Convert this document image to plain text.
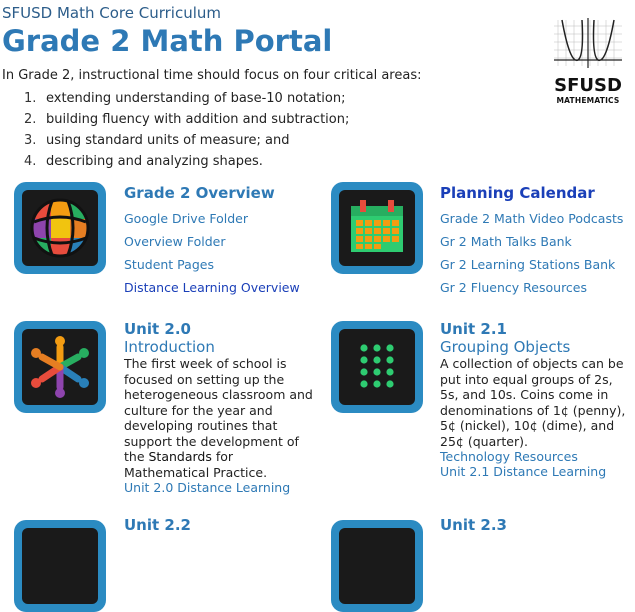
SFUSD Math Core Curriculum
Grade 2 Math Portal
In Grade 2, instructional time should focus on four critical areas:
1. extending understanding of base-10 notation;
2. building fluency with addition and subtraction;
3. using standard units of measure; and
4. describing and analyzing shapes.
SFUSD
MATHEMATICS
Grade 2 Overview
Google Drive Folder
Overview Folder
Student Pages
Distance Learning Overview
Planning Calendar
Grade 2 Math Video Podcasts
Gr 2 Math Talks Bank
Gr 2 Learning Stations Bank
Gr 2 Fluency Resources
Unit 2.0
Introduction
The first week of school is focused on setting up the heterogeneous classroom and culture for the year and developing routines that support the development of the Standards for Mathematical Practice.
Unit 2.0 Distance Learning
Unit 2.1
Grouping Objects
A collection of objects can be put into equal groups of 2s, 5s, and 10s. Coins come in denominations of 1¢ (penny), 5¢ (nickel), 10¢ (dime), and 25¢ (quarter).
Technology Resources
Unit 2.1 Distance Learning
Unit 2.2	Unit 2.3
